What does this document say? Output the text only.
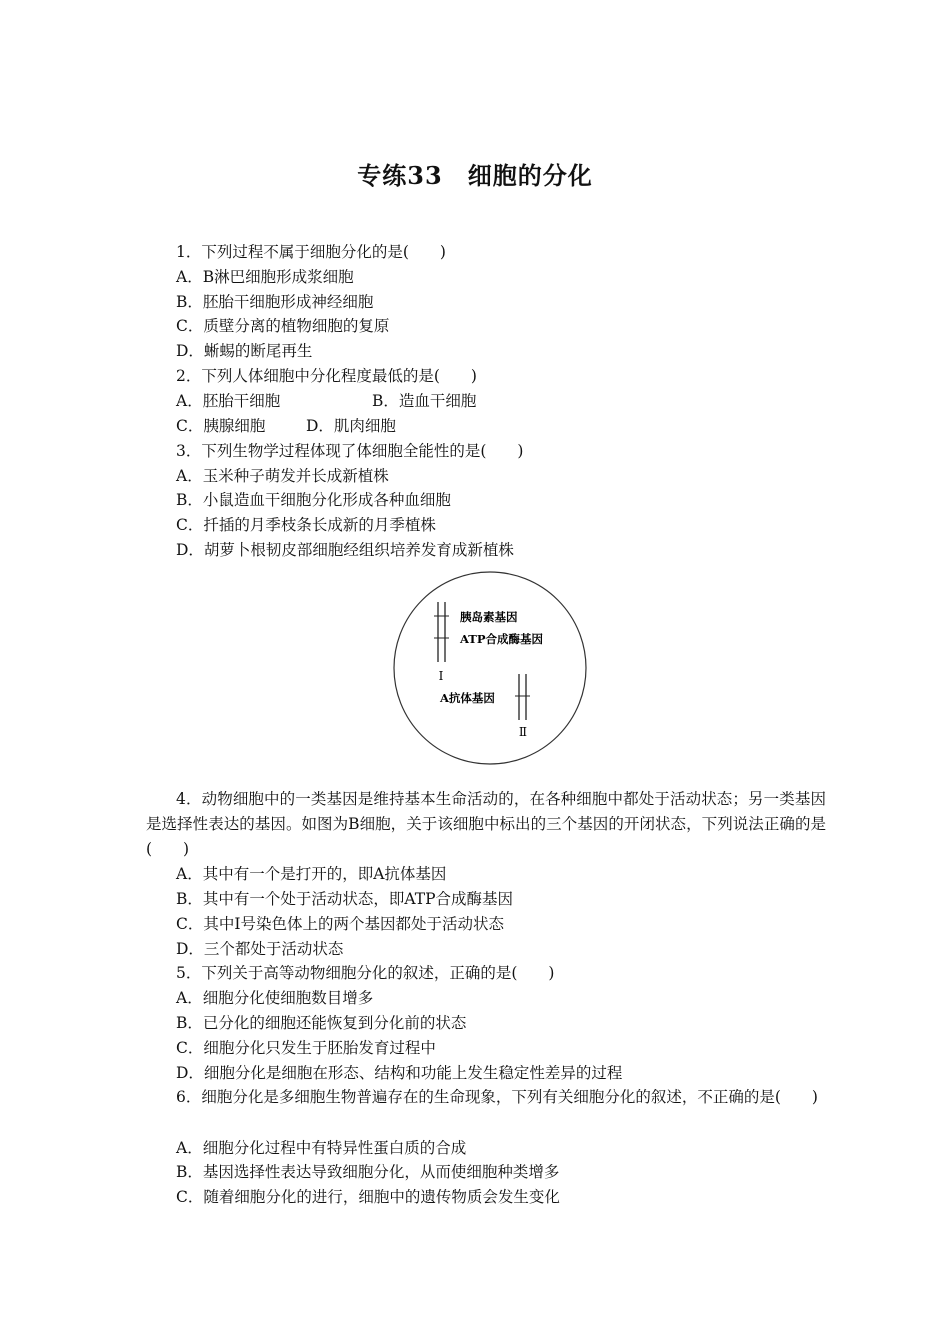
专练33　细胞的分化
1．下列过程不属于细胞分化的是(　　)
A．B淋巴细胞形成浆细胞
B．胚胎干细胞形成神经细胞
C．质壁分离的植物细胞的复原
D．蜥蜴的断尾再生
2．下列人体细胞中分化程度最低的是(　　)
A．胚胎干细胞	B．造血干细胞
C．胰腺细胞	D．肌肉细胞
3．下列生物学过程体现了体细胞全能性的是(　　)
A．玉米种子萌发并长成新植株
B．小鼠造血干细胞分化形成各种血细胞
C．扦插的月季枝条长成新的月季植株
D．胡萝卜根韧皮部细胞经组织培养发育成新植株
胰岛素基因
ATP合成酶基因
Ⅰ
A抗体基因
Ⅱ
4．动物细胞中的一类基因是维持基本生命活动的，在各种细胞中都处于活动状态；另一类基因是选择性表达的基因。如图为B细胞，关于该细胞中标出的三个基因的开闭状态，下列说法正确的是(　　)
A．其中有一个是打开的，即A抗体基因
B．其中有一个处于活动状态，即ATP合成酶基因
C．其中Ⅰ号染色体上的两个基因都处于活动状态
D．三个都处于活动状态
5．下列关于高等动物细胞分化的叙述，正确的是(　　)
A．细胞分化使细胞数目增多
B．已分化的细胞还能恢复到分化前的状态
C．细胞分化只发生于胚胎发育过程中
D．细胞分化是细胞在形态、结构和功能上发生稳定性差异的过程
6．细胞分化是多细胞生物普遍存在的生命现象，下列有关细胞分化的叙述，不正确的是(　　)
A．细胞分化过程中有特异性蛋白质的合成
B．基因选择性表达导致细胞分化，从而使细胞种类增多
C．随着细胞分化的进行，细胞中的遗传物质会发生变化
